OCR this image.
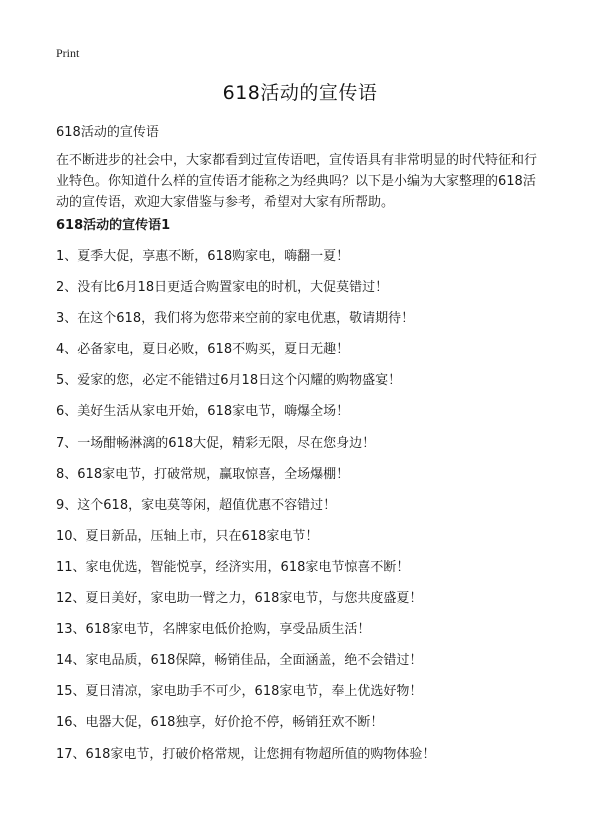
Print
618活动的宣传语

618活动的宣传语

在不断进步的社会中，大家都看到过宣传语吧，宣传语具有非常明显的时代特征和行业特色。你知道什么样的宣传语才能称之为经典吗？以下是小编为大家整理的618活动的宣传语，欢迎大家借鉴与参考，希望对大家有所帮助。

618活动的宣传语1
1、夏季大促，享惠不断，618购家电，嗨翻一夏！
2、没有比6月18日更适合购置家电的时机，大促莫错过！
3、在这个618，我们将为您带来空前的家电优惠，敬请期待！
4、必备家电，夏日必败，618不购买，夏日无趣！
5、爱家的您，必定不能错过6月18日这个闪耀的购物盛宴！
6、美好生活从家电开始，618家电节，嗨爆全场！
7、一场酣畅淋漓的618大促，精彩无限，尽在您身边！
8、618家电节，打破常规，赢取惊喜，全场爆棚！
9、这个618，家电莫等闲，超值优惠不容错过！
10、夏日新品，压轴上市，只在618家电节！
11、家电优选，智能悦享，经济实用，618家电节惊喜不断！
12、夏日美好，家电助一臂之力，618家电节，与您共度盛夏！
13、618家电节，名牌家电低价抢购，享受品质生活！
14、家电品质，618保障，畅销佳品，全面涵盖，绝不会错过！
15、夏日清凉，家电助手不可少，618家电节，奉上优选好物！
16、电器大促，618独享，好价抢不停，畅销狂欢不断！
17、618家电节，打破价格常规，让您拥有物超所值的购物体验！
